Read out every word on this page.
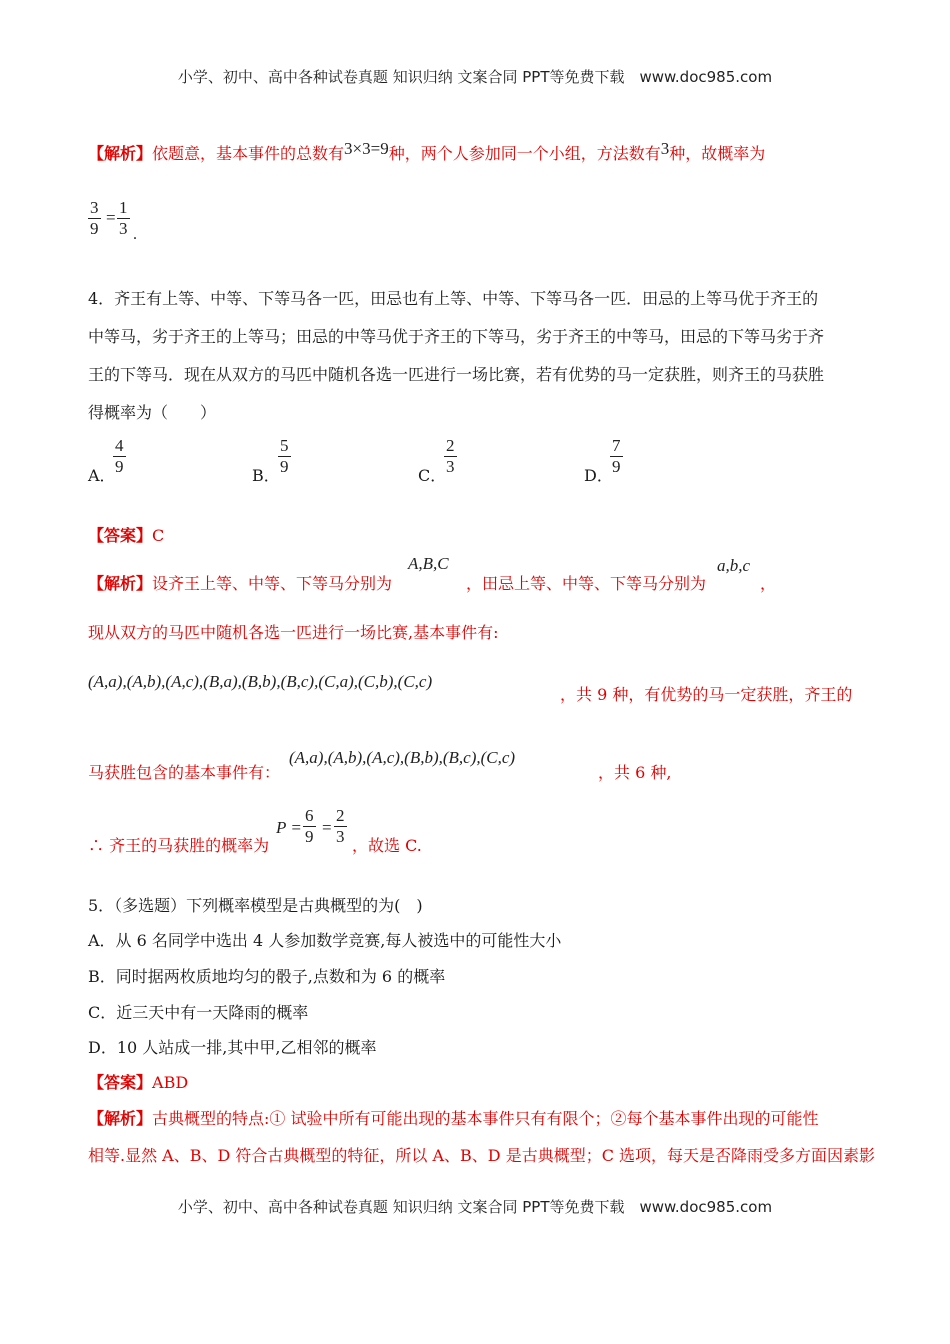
小学、初中、高中各种试卷真题 知识归纳 文案合同 PPT等免费下载　www.doc985.com
【解析】依题意，基本事件的总数有3×3=9种，两个人参加同一个小组，方法数有3种，故概率为
$\frac{3}{9} = \frac{1}{3}$ .
4．齐王有上等、中等、下等马各一匹，田忌也有上等、中等、下等马各一匹．田忌的上等马优于齐王的
中等马，劣于齐王的上等马；田忌的中等马优于齐王的下等马，劣于齐王的中等马，田忌的下等马劣于齐
王的下等马．现在从双方的马匹中随机各选一匹进行一场比赛，若有优势的马一定获胜，则齐王的马获胜
得概率为（　　）
A．
$\frac{4}{9}$	B．
$\frac{5}{9}$	C．
$\frac{2}{3}$	D．
$\frac{7}{9}$
【答案】C
【解析】设齐王上等、中等、下等马分别为
A,B,C
，田忌上等、中等、下等马分别为
a,b,c
，
现从双方的马匹中随机各选一匹进行一场比赛,基本事件有:
(A,a),(A,b),(A,c),(B,a),(B,b),(B,c),(C,a),(C,b),(C,c)
，共 9 种，有优势的马一定获胜，齐王的
马获胜包含的基本事件有：
(A,a),(A,b),(A,c),(B,b),(B,c),(C,c)
，共 6 种,
∴ 齐王的马获胜的概率为
$P = \frac{6}{9} = \frac{2}{3}$ ，故选 C.
5．（多选题）下列概率模型是古典概型的为(　)
A．从 6 名同学中选出 4 人参加数学竞赛,每人被选中的可能性大小
B．同时据两枚质地均匀的骰子,点数和为 6 的概率
C．近三天中有一天降雨的概率
D．10 人站成一排,其中甲,乙相邻的概率
【答案】ABD
【解析】古典概型的特点:① 试验中所有可能出现的基本事件只有有限个；②每个基本事件出现的可能性
相等.显然 A、B、D 符合古典概型的特征，所以 A、B、D 是古典概型；C 选项，每天是否降雨受多方面因素影
小学、初中、高中各种试卷真题 知识归纳 文案合同 PPT等免费下载　www.doc985.com
